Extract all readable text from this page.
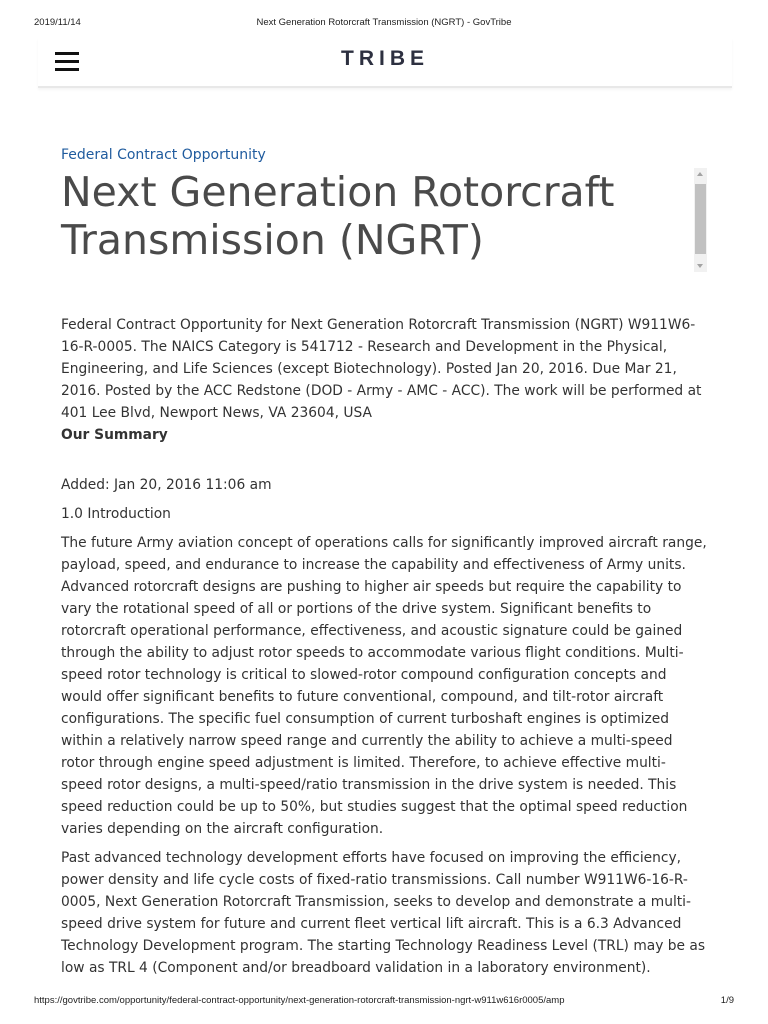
2019/11/14	Next Generation Rotorcraft Transmission (NGRT) - GovTribe
TRIBE

Federal Contract Opportunity

Next Generation Rotorcraft Transmission (NGRT)
Federal Contract Opportunity for Next Generation Rotorcraft Transmission (NGRT) W911W6-16-R-0005. The NAICS Category is 541712 - Research and Development in the Physical, Engineering, and Life Sciences (except Biotechnology). Posted Jan 20, 2016. Due Mar 21, 2016. Posted by the ACC Redstone (DOD - Army - AMC - ACC). The work will be performed at 401 Lee Blvd, Newport News, VA 23604, USA
Our Summary
Added: Jan 20, 2016 11:06 am
1.0 Introduction
The future Army aviation concept of operations calls for significantly improved aircraft range, payload, speed, and endurance to increase the capability and effectiveness of Army units. Advanced rotorcraft designs are pushing to higher air speeds but require the capability to vary the rotational speed of all or portions of the drive system. Significant benefits to rotorcraft operational performance, effectiveness, and acoustic signature could be gained through the ability to adjust rotor speeds to accommodate various flight conditions. Multi-speed rotor technology is critical to slowed-rotor compound configuration concepts and would offer significant benefits to future conventional, compound, and tilt-rotor aircraft configurations. The specific fuel consumption of current turboshaft engines is optimized within a relatively narrow speed range and currently the ability to achieve a multi-speed rotor through engine speed adjustment is limited. Therefore, to achieve effective multi-speed rotor designs, a multi-speed/ratio transmission in the drive system is needed. This speed reduction could be up to 50%, but studies suggest that the optimal speed reduction varies depending on the aircraft configuration.
Past advanced technology development efforts have focused on improving the efficiency, power density and life cycle costs of fixed-ratio transmissions. Call number W911W6-16-R-0005, Next Generation Rotorcraft Transmission, seeks to develop and demonstrate a multi-speed drive system for future and current fleet vertical lift aircraft. This is a 6.3 Advanced Technology Development program. The starting Technology Readiness Level (TRL) may be as low as TRL 4 (Component and/or breadboard validation in a laboratory environment).
https://govtribe.com/opportunity/federal-contract-opportunity/next-generation-rotorcraft-transmission-ngrt-w911w616r0005/amp	1/9
